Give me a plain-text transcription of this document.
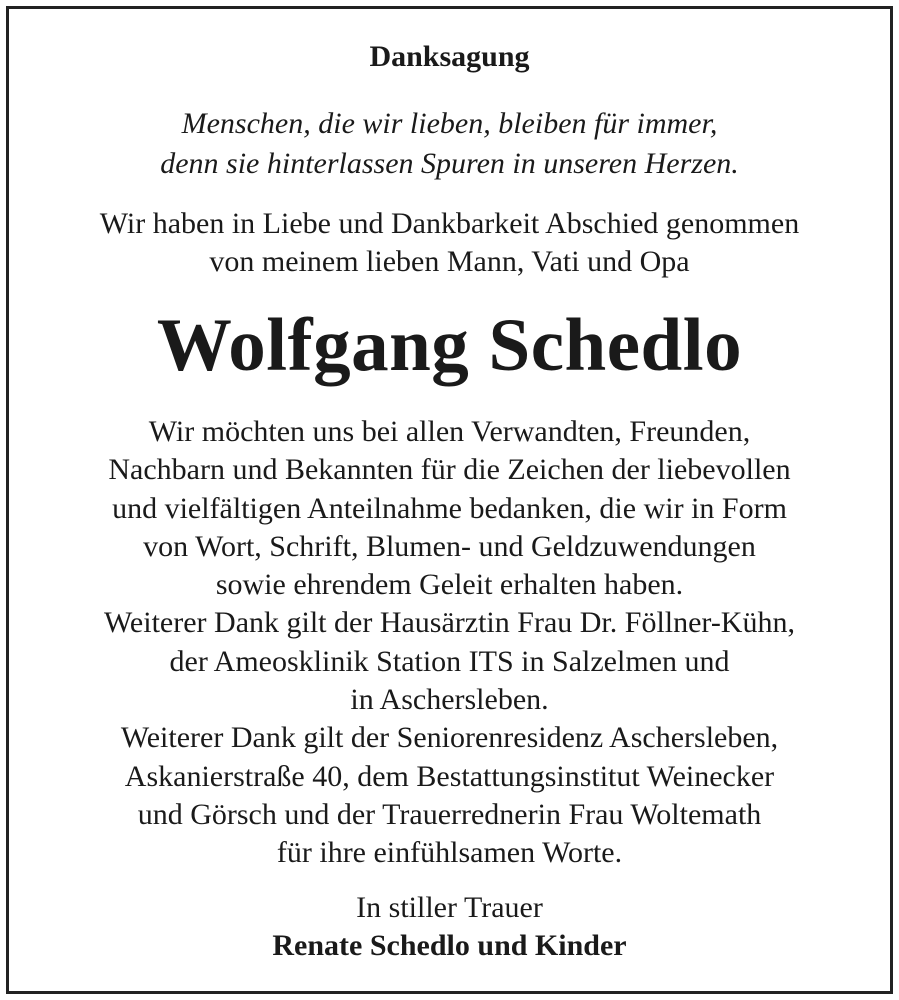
Danksagung
Menschen, die wir lieben, bleiben für immer,
denn sie hinterlassen Spuren in unseren Herzen.
Wir haben in Liebe und Dankbarkeit Abschied genommen
von meinem lieben Mann, Vati und Opa
Wolfgang Schedlo
Wir möchten uns bei allen Verwandten, Freunden,
Nachbarn und Bekannten für die Zeichen der liebevollen
und vielfältigen Anteilnahme bedanken, die wir in Form
von Wort, Schrift, Blumen- und Geldzuwendungen
sowie ehrendem Geleit erhalten haben.
Weiterer Dank gilt der Hausärztin Frau Dr. Föllner-Kühn,
der Ameosklinik Station ITS in Salzelmen und
in Aschersleben.
Weiterer Dank gilt der Seniorenresidenz Aschersleben,
Askanierstraße 40, dem Bestattungsinstitut Weinecker
und Görsch und der Trauerrednerin Frau Woltemath
für ihre einfühlsamen Worte.
In stiller Trauer
Renate Schedlo und Kinder
